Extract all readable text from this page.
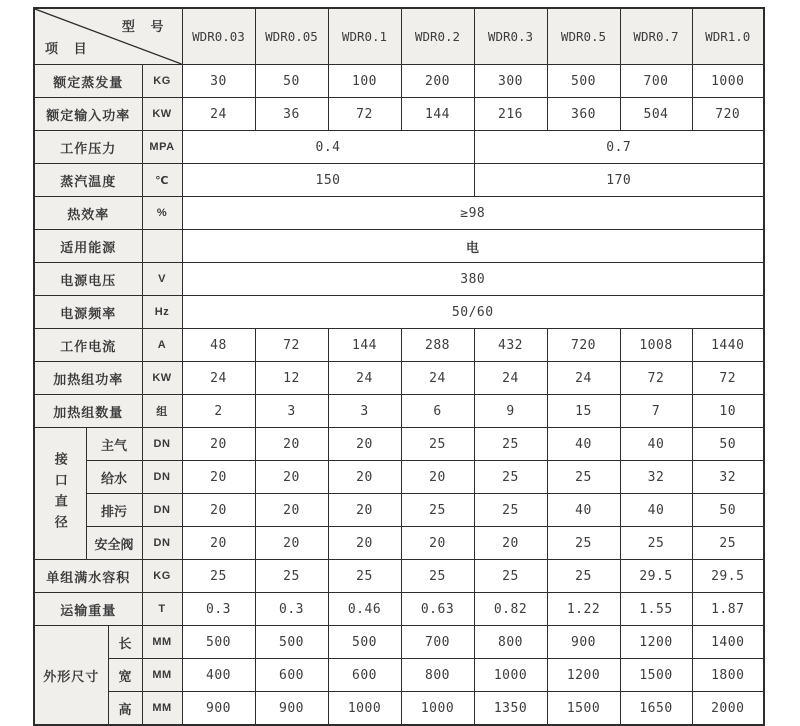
型 号
项 目				WDR0.03	WDR0.05	WDR0.1	WDR0.2	WDR0.3	WDR0.5	WDR0.7	WDR1.0
额定蒸发量			KG	30	50	100	200	300	500	700	1000
额定输入功率			KW	24	36	72	144	216	360	504	720
工作压力			MPA	0.4				0.7			
蒸汽温度			℃	150				170			
热效率			%	≥98							
适用能源				电							
电源电压			V	380							
电源频率			Hz	50/60							
工作电流			A	48	72	144	288	432	720	1008	1440
加热组功率			KW	24	12	24	24	24	24	72	72
加热组数量			组	2	3	3	6	9	15	7	10
接口直径	主气		DN	20	20	20	25	25	40	40	50
	给水		DN	20	20	20	20	25	25	32	32
	排污		DN	20	20	20	25	25	40	40	50
	安全阀		DN	20	20	20	20	20	25	25	25
单组满水容积			KG	25	25	25	25	25	25	29.5	29.5
运输重量			T	0.3	0.3	0.46	0.63	0.82	1.22	1.55	1.87
外形尺寸		长	MM	500	500	500	700	800	900	1200	1400
		宽	MM	400	600	600	800	1000	1200	1500	1800
		高	MM	900	900	1000	1000	1350	1500	1650	2000
